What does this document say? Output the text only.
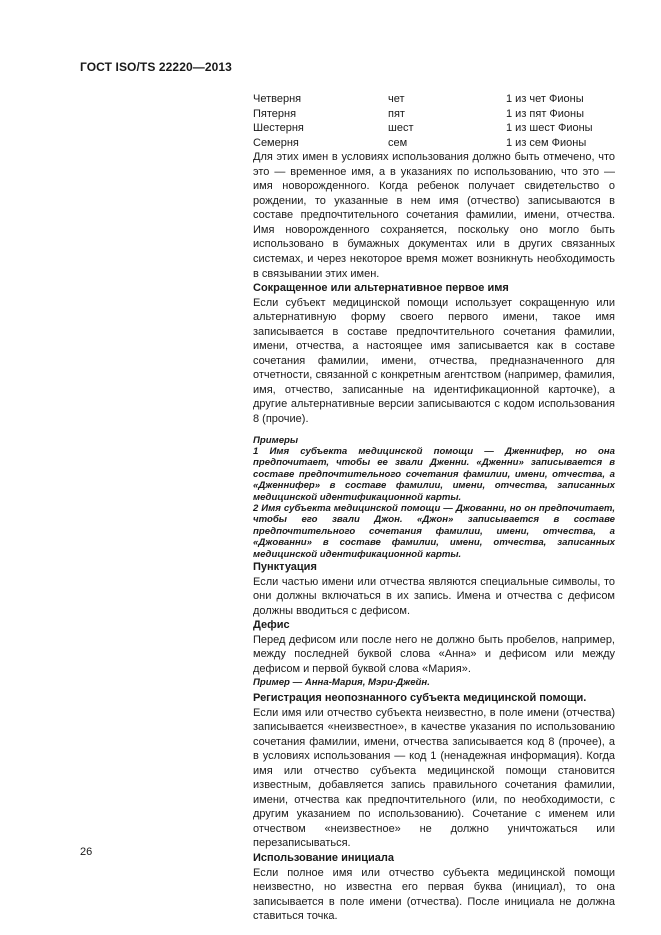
ГОСТ ISO/TS 22220—2013
Четверня	чет	1 из чет Фионы
Пятерня	пят	1 из пят Фионы
Шестерня	шест	1 из шест Фионы
Семерня	сем	1 из сем Фионы

Для этих имен в условиях использования должно быть отмечено, что это — временное имя, а в указаниях по использованию, что это — имя новорожденного. Когда ребенок получает свидетельство о рождении, то указанные в нем имя (отчество) записываются в составе предпочтительного сочетания фамилии, имени, отчества. Имя новорожденного сохраняется, поскольку оно могло быть использовано в бумажных документах или в других связанных системах, и через некоторое время может возникнуть необходимость в связывании этих имен.

Сокращенное или альтернативное первое имя

Если субъект медицинской помощи использует сокращенную или альтернативную форму своего первого имени, такое имя записывается в составе предпочтительного сочетания фамилии, имени, отчества, а настоящее имя записывается как в составе сочетания фамилии, имени, отчества, предназначенного для отчетности, связанной с конкретным агентством (например, фамилия, имя, отчество, записанные на идентификационной карточке), а другие альтернативные версии записываются с кодом использования 8 (прочие).

Примеры
1 Имя субъекта медицинской помощи — Дженнифер, но она предпочитает, чтобы ее звали Дженни. «Дженни» записывается в составе предпочтительного сочетания фамилии, имени, отчества, а «Дженнифер» в составе фамилии, имени, отчества, записанных медицинской идентификационной карты.
2 Имя субъекта медицинской помощи — Джованни, но он предпочитает, чтобы его звали Джон. «Джон» записывается в составе предпочтительного сочетания фамилии, имени, отчества, а «Джованни» в составе фамилии, имени, отчества, записанных медицинской идентификационной карты.

Пунктуация

Если частью имени или отчества являются специальные символы, то они должны включаться в их запись. Имена и отчества с дефисом должны вводиться с дефисом.

Дефис

Перед дефисом или после него не должно быть пробелов, например, между последней буквой слова «Анна» и дефисом или между дефисом и первой буквой слова «Мария».

Пример — Анна-Мария, Мэри-Джейн.

Регистрация неопознанного субъекта медицинской помощи.

Если имя или отчество субъекта неизвестно, в поле имени (отчества) записывается «неизвестное», в качестве указания по использованию сочетания фамилии, имени, отчества записывается код 8 (прочее), а в условиях использования — код 1 (ненадежная информация). Когда имя или отчество субъекта медицинской помощи становится известным, добавляется запись правильного сочетания фамилии, имени, отчества как предпочтительного (или, по необходимости, с другим указанием по использованию). Сочетание с именем или отчеством «неизвестное» не должно уничтожаться или перезаписываться.

Использование инициала

Если полное имя или отчество субъекта медицинской помощи неизвестно, но известна его первая буква (инициал), то она записывается в поле имени (отчества). После инициала не должна ставиться точка.

26
